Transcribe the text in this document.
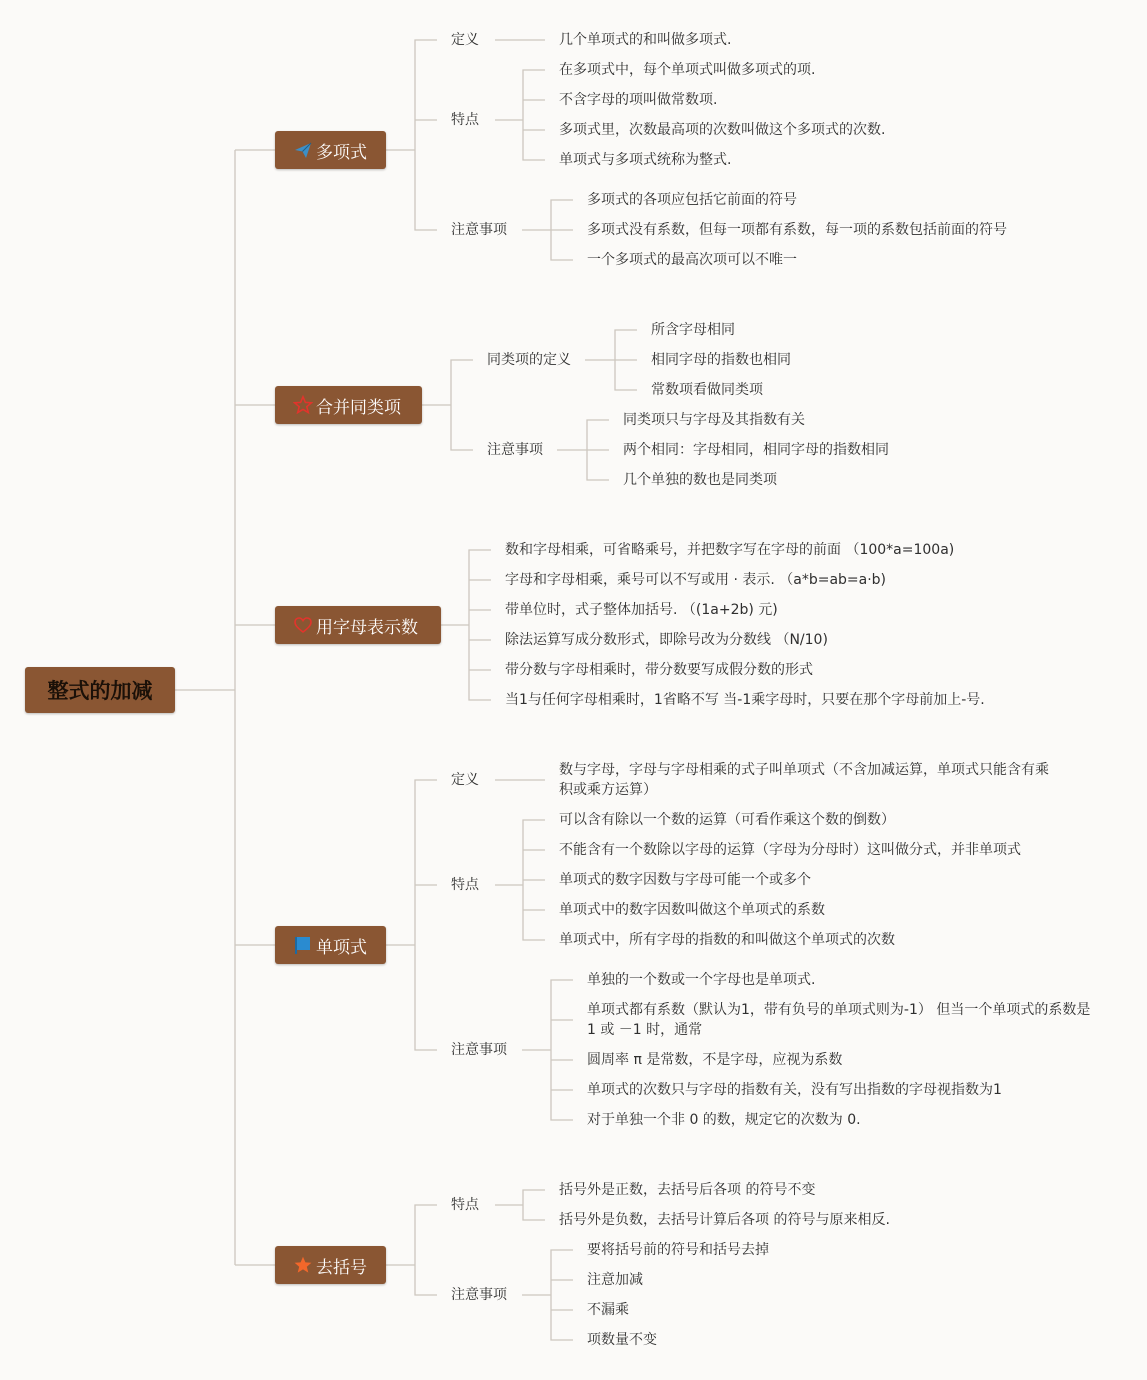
整式的加减
多项式
定义	几个单项式的和叫做多项式.
特点
在多项式中，每个单项式叫做多项式的项.
不含字母的项叫做常数项.
多项式里，次数最高项的次数叫做这个多项式的次数.
单项式与多项式统称为整式.
注意事项
多项式的各项应包括它前面的符号
多项式没有系数，但每一项都有系数，每一项的系数包括前面的符号
一个多项式的最高次项可以不唯一
合并同类项
同类项的定义
所含字母相同
相同字母的指数也相同
常数项看做同类项
注意事项
同类项只与字母及其指数有关
两个相同：字母相同，相同字母的指数相同
几个单独的数也是同类项
用字母表示数
数和字母相乘，可省略乘号，并把数字写在字母的前面 （100*a=100a)
字母和字母相乘，乘号可以不写或用 · 表示. （a*b=ab=a·b)
带单位时，式子整体加括号. （(1a+2b) 元)
除法运算写成分数形式，即除号改为分数线 （N/10)
带分数与字母相乘时，带分数要写成假分数的形式
当1与任何字母相乘时，1省略不写 当-1乘字母时，只要在那个字母前加上-号.
单项式
定义
数与字母，字母与字母相乘的式子叫单项式（不含加减运算，单项式只能含有乘积或乘方运算）
特点
可以含有除以一个数的运算（可看作乘这个数的倒数）
不能含有一个数除以字母的运算（字母为分母时）这叫做分式，并非单项式
单项式的数字因数与字母可能一个或多个
单项式中的数字因数叫做这个单项式的系数
单项式中，所有字母的指数的和叫做这个单项式的次数
注意事项
单独的一个数或一个字母也是单项式.
单项式都有系数（默认为1，带有负号的单项式则为-1） 但当一个单项式的系数是 1 或 －1 时，通常
圆周率 π 是常数，不是字母，应视为系数
单项式的次数只与字母的指数有关，没有写出指数的字母视指数为1
对于单独一个非 0 的数，规定它的次数为 0.
去括号
特点
括号外是正数，去括号后各项 的符号不变
括号外是负数，去括号计算后各项 的符号与原来相反.
注意事项
要将括号前的符号和括号去掉
注意加减
不漏乘
项数量不变
